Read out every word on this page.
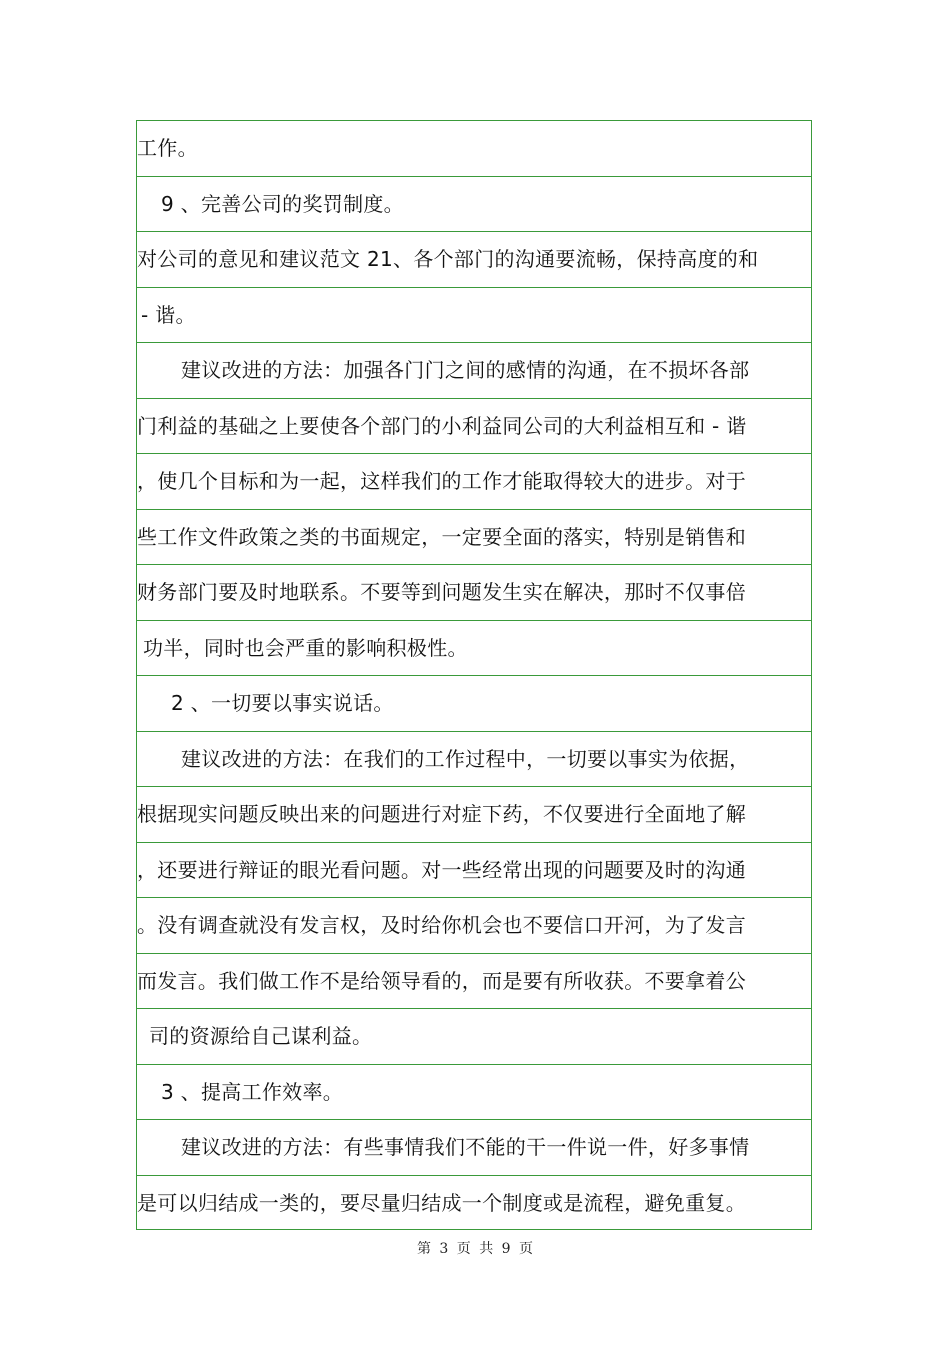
工作。
9 、完善公司的奖罚制度。
对公司的意见和建议范文 21、各个部门的沟通要流畅，保持高度的和
- 谐。
建议改进的方法：加强各门门之间的感情的沟通，在不损坏各部
门利益的基础之上要使各个部门的小利益同公司的大利益相互和 - 谐
，使几个目标和为一起，这样我们的工作才能取得较大的进步。对于
些工作文件政策之类的书面规定，一定要全面的落实，特别是销售和
财务部门要及时地联系。不要等到问题发生实在解决，那时不仅事倍
功半，同时也会严重的影响积极性。
2 、一切要以事实说话。
建议改进的方法：在我们的工作过程中，一切要以事实为依据，
根据现实问题反映出来的问题进行对症下药，不仅要进行全面地了解
，还要进行辩证的眼光看问题。对一些经常出现的问题要及时的沟通
。没有调查就没有发言权，及时给你机会也不要信口开河，为了发言
而发言。我们做工作不是给领导看的，而是要有所收获。不要拿着公
司的资源给自己谋利益。
3 、提高工作效率。
建议改进的方法：有些事情我们不能的干一件说一件，好多事情
是可以归结成一类的，要尽量归结成一个制度或是流程，避免重复。
第 3 页 共 9 页
